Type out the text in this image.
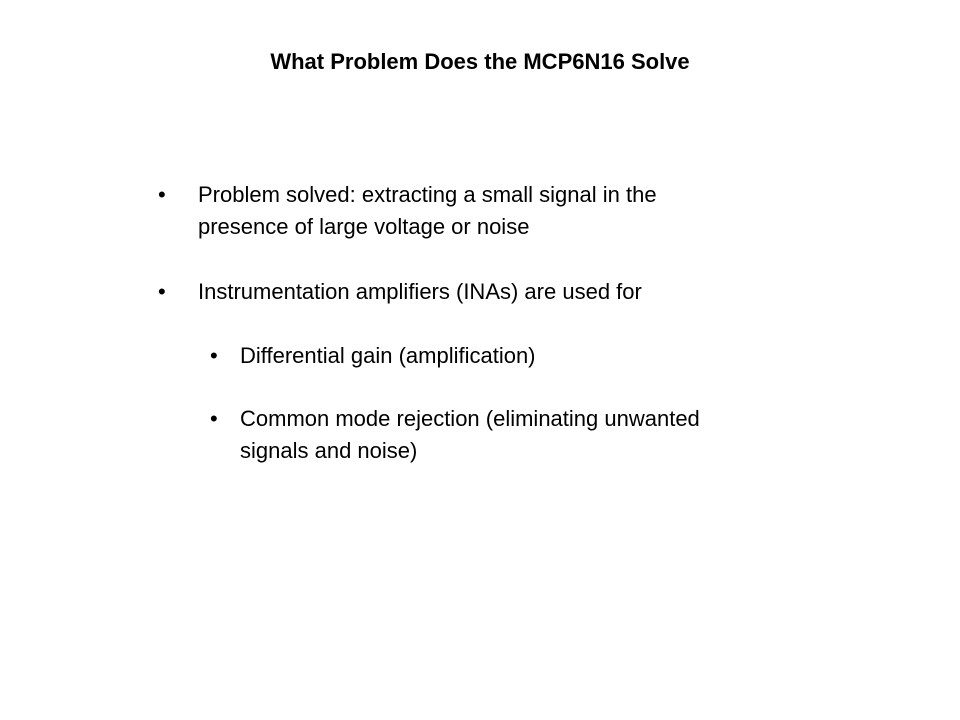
What Problem Does the MCP6N16 Solve
•	Problem solved: extracting a small signal in the
presence of large voltage or noise
•	Instrumentation amplifiers (INAs) are used for
•	Differential gain (amplification)
•	Common mode rejection (eliminating unwanted
signals and noise)
